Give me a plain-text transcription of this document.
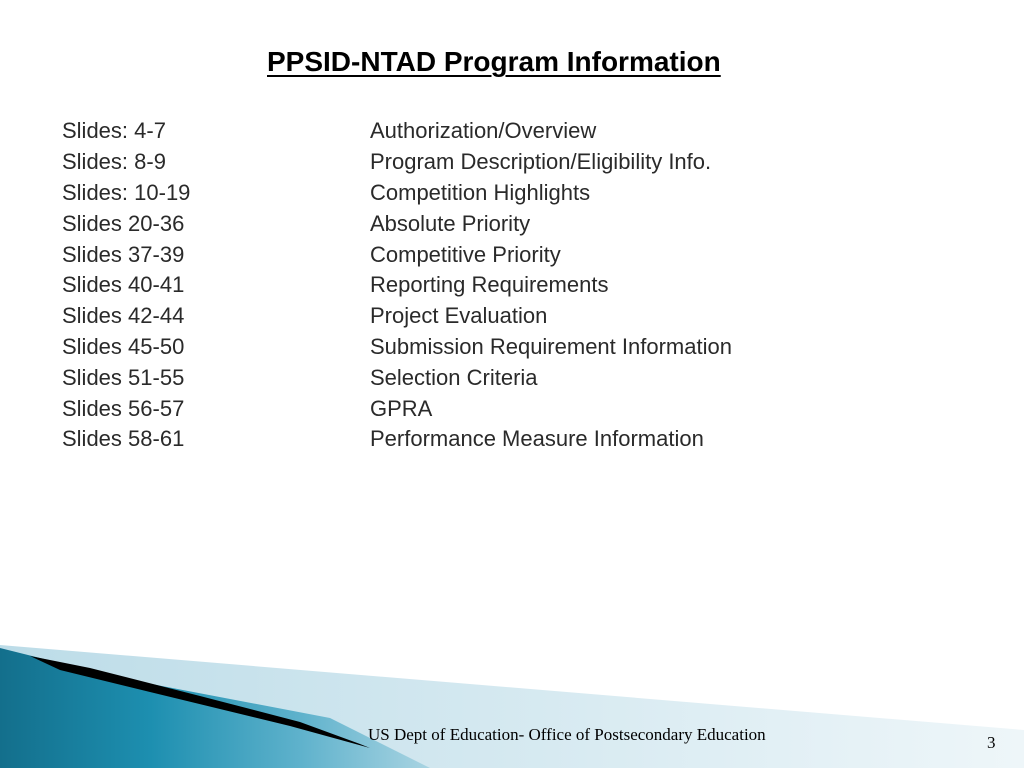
PPSID-NTAD Program Information
Slides: 4-7	Authorization/Overview
Slides: 8-9	Program Description/Eligibility Info.
Slides: 10-19	Competition Highlights
Slides 20-36	Absolute Priority
Slides 37-39	Competitive Priority
Slides 40-41	Reporting Requirements
Slides 42-44	Project Evaluation
Slides 45-50	Submission Requirement Information
Slides 51-55	Selection Criteria
Slides 56-57	GPRA
Slides 58-61	Performance Measure Information
US Dept of Education- Office of Postsecondary Education	3
